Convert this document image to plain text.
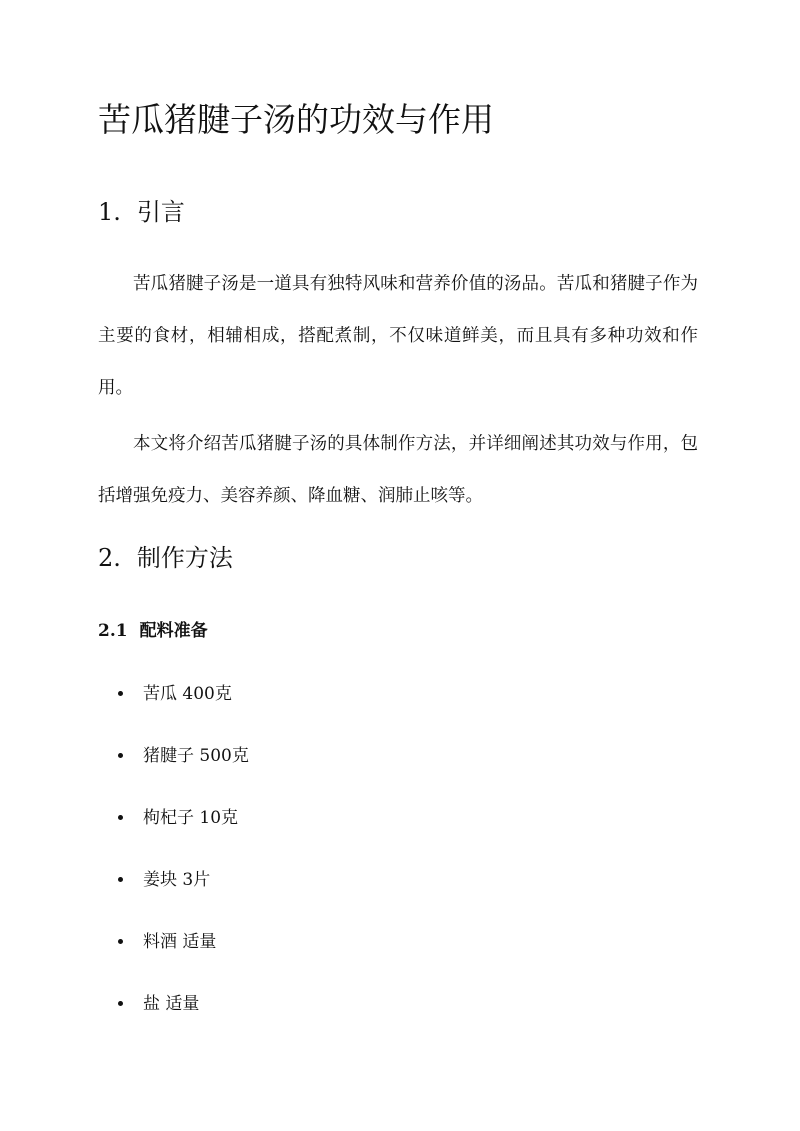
苦瓜猪腱子汤的功效与作用
1. 引言

苦瓜猪腱子汤是一道具有独特风味和营养价值的汤品。苦瓜和猪腱子作为主要的食材，相辅相成，搭配煮制，不仅味道鲜美，而且具有多种功效和作用。

本文将介绍苦瓜猪腱子汤的具体制作方法，并详细阐述其功效与作用，包括增强免疫力、美容养颜、降血糖、润肺止咳等。

2. 制作方法
2.1 配料准备
苦瓜 400克
猪腱子 500克
枸杞子 10克
姜块 3片
料酒 适量
盐 适量
